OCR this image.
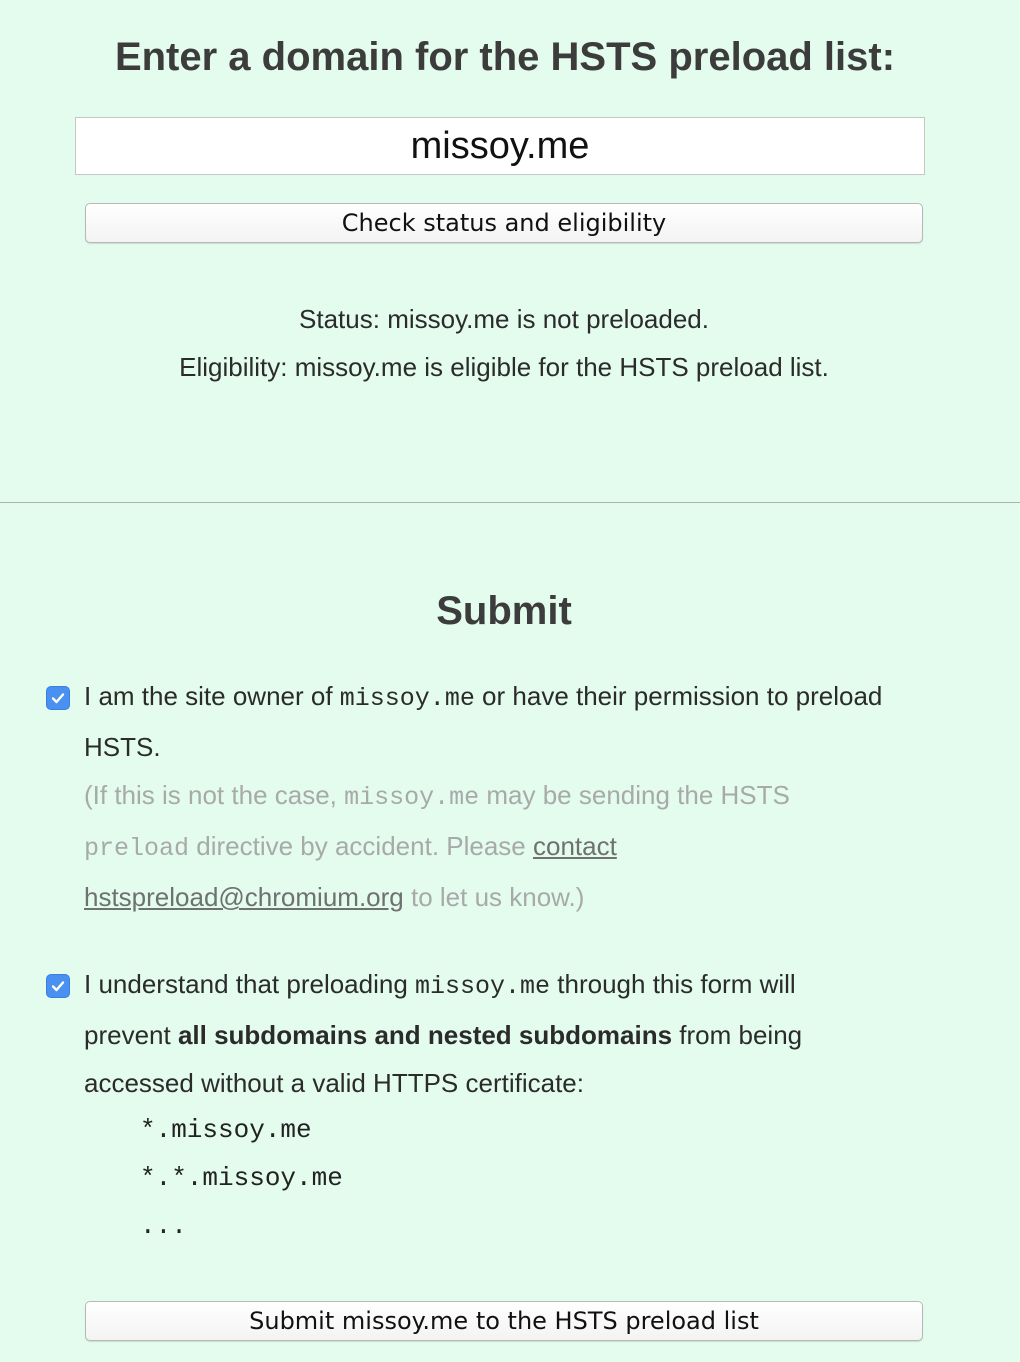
Enter a domain for the HSTS preload list:
missoy.me
Check status and eligibility
Status: missoy.me is not preloaded.
Eligibility: missoy.me is eligible for the HSTS preload list.
Submit
I am the site owner of missoy.me or have their permission to preload HSTS.
(If this is not the case, missoy.me may be sending the HSTS preload directive by accident. Please contact hstspreload@chromium.org to let us know.)
I understand that preloading missoy.me through this form will prevent all subdomains and nested subdomains from being accessed without a valid HTTPS certificate:
*.missoy.me
*.*.missoy.me
...
Submit missoy.me to the HSTS preload list
